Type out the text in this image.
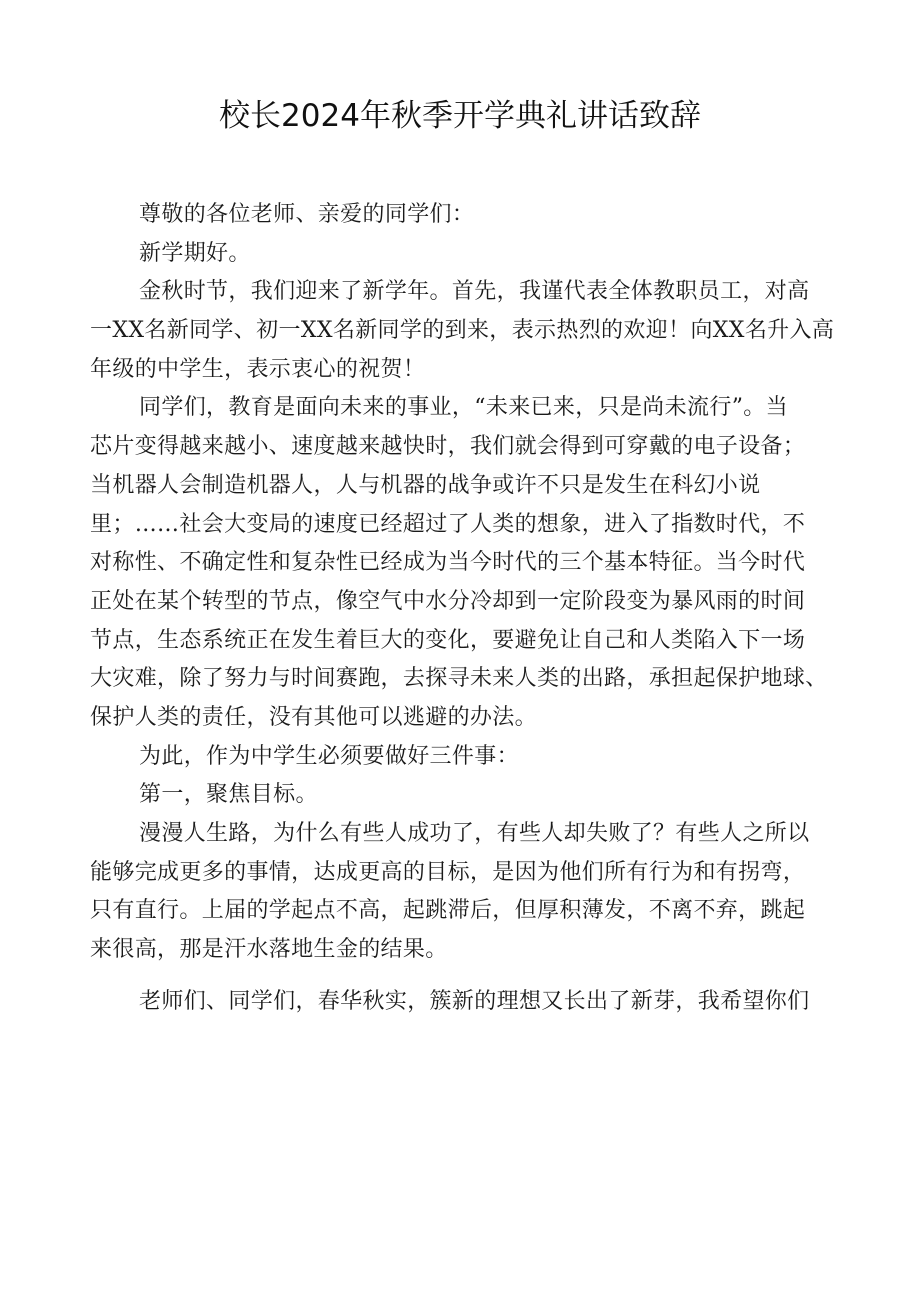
校长2024年秋季开学典礼讲话致辞
尊敬的各位老师、亲爱的同学们：
新学期好。
金秋时节，我们迎来了新学年。首先，我谨代表全体教职员工，对高
一XX名新同学、初一XX名新同学的到来，表示热烈的欢迎！向XX名升入高
年级的中学生，表示衷心的祝贺！
同学们，教育是面向未来的事业，“未来已来，只是尚未流行”。当
芯片变得越来越小、速度越来越快时，我们就会得到可穿戴的电子设备；
当机器人会制造机器人，人与机器的战争或许不只是发生在科幻小说
里；……社会大变局的速度已经超过了人类的想象，进入了指数时代，不
对称性、不确定性和复杂性已经成为当今时代的三个基本特征。当今时代
正处在某个转型的节点，像空气中水分冷却到一定阶段变为暴风雨的时间
节点，生态系统正在发生着巨大的变化，要避免让自己和人类陷入下一场
大灾难，除了努力与时间赛跑，去探寻未来人类的出路，承担起保护地球、
保护人类的责任，没有其他可以逃避的办法。
为此，作为中学生必须要做好三件事：
第一，聚焦目标。
漫漫人生路，为什么有些人成功了，有些人却失败了？有些人之所以
能够完成更多的事情，达成更高的目标，是因为他们所有行为和有拐弯，
只有直行。上届的学起点不高，起跳滞后，但厚积薄发，不离不弃，跳起
来很高，那是汗水落地生金的结果。
老师们、同学们，春华秋实，簇新的理想又长出了新芽，我希望你们
